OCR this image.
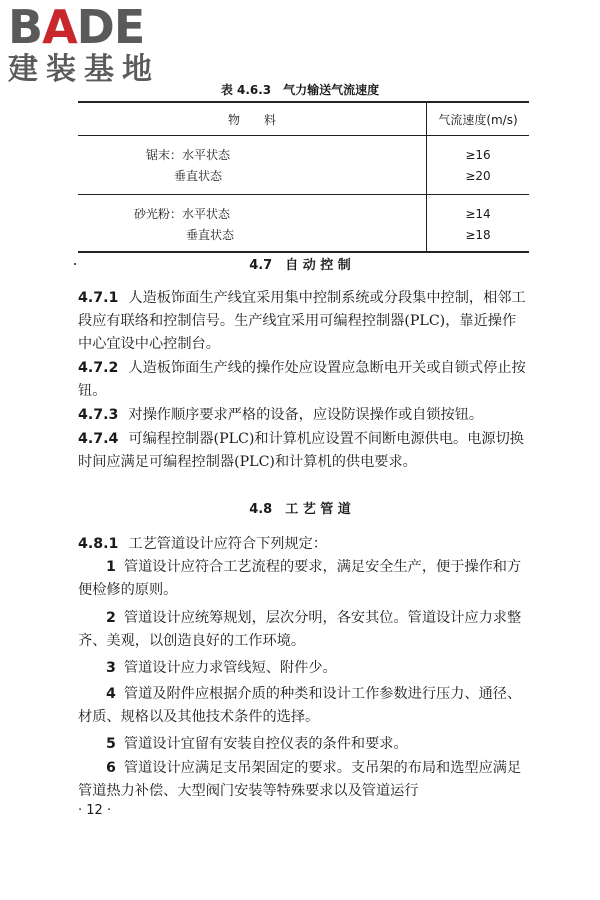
BADE
建装基地
表 4.6.3　气力输送气流速度
物　　料	气流速度(m/s)
锯末：水平状态	≥16
垂直状态	≥20
砂光粉：水平状态	≥14
垂直状态	≥18
4.7　自 动 控 制
4.7.1 人造板饰面生产线宜采用集中控制系统或分段集中控制，相邻工段应有联络和控制信号。生产线宜采用可编程控制器(PLC)，靠近操作中心宜设中心控制台。
4.7.2 人造板饰面生产线的操作处应设置应急断电开关或自锁式停止按钮。
4.7.3 对操作顺序要求严格的设备，应设防误操作或自锁按钮。
4.7.4 可编程控制器(PLC)和计算机应设置不间断电源供电。电源切换时间应满足可编程控制器(PLC)和计算机的供电要求。
4.8　工 艺 管 道
4.8.1 工艺管道设计应符合下列规定：
1 管道设计应符合工艺流程的要求，满足安全生产，便于操作和方便检修的原则。
2 管道设计应统筹规划，层次分明，各安其位。管道设计应力求整齐、美观，以创造良好的工作环境。
3 管道设计应力求管线短、附件少。
4 管道及附件应根据介质的种类和设计工作参数进行压力、通径、材质、规格以及其他技术条件的选择。
5 管道设计宜留有安装自控仪表的条件和要求。
6 管道设计应满足支吊架固定的要求。支吊架的布局和选型应满足管道热力补偿、大型阀门安装等特殊要求以及管道运行
· 12 ·
